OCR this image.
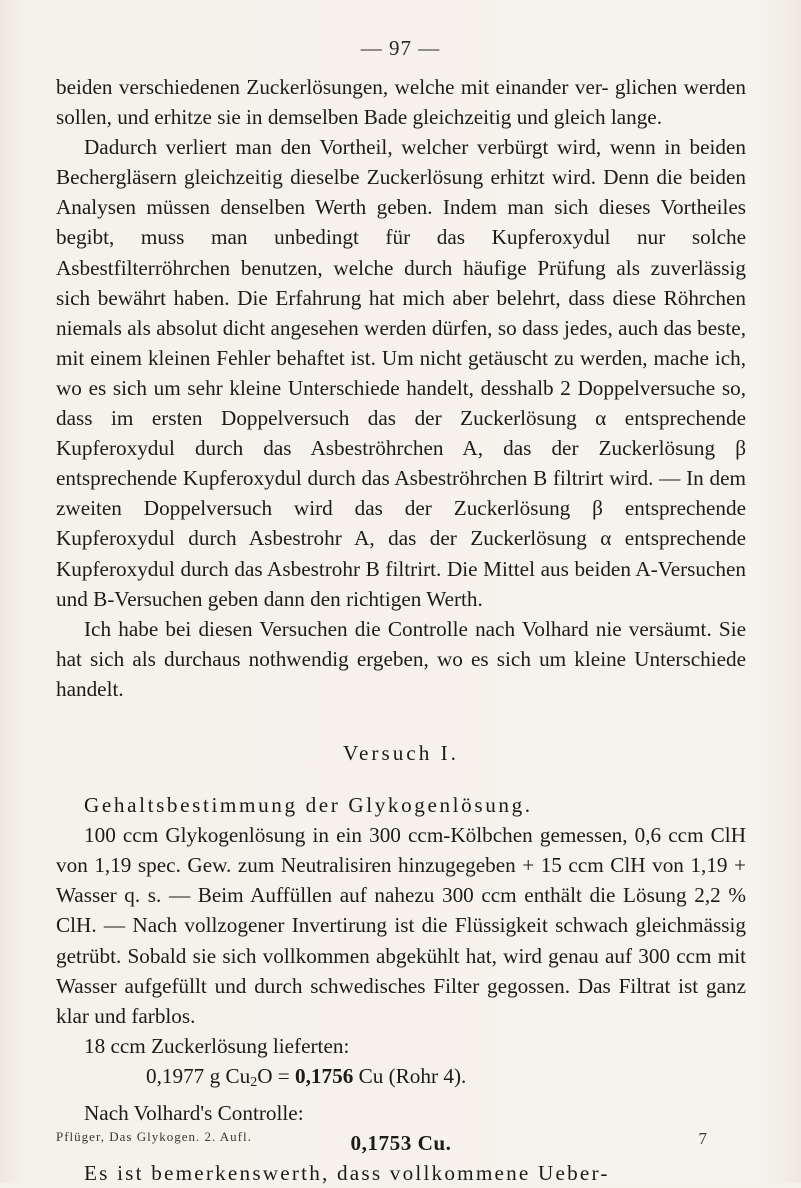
— 97 —

beiden verschiedenen Zuckerlösungen, welche mit einander ver- glichen werden sollen, und erhitze sie in demselben Bade gleichzeitig und gleich lange.

Dadurch verliert man den Vortheil, welcher verbürgt wird, wenn in beiden Bechergläsern gleichzeitig dieselbe Zuckerlösung erhitzt wird. Denn die beiden Analysen müssen denselben Werth geben. Indem man sich dieses Vortheiles begibt, muss man unbedingt für das Kupferoxydul nur solche Asbestfilterröhrchen benutzen, welche durch häufige Prüfung als zuverlässig sich bewährt haben. Die Erfahrung hat mich aber belehrt, dass diese Röhrchen niemals als absolut dicht angesehen werden dürfen, so dass jedes, auch das beste, mit einem kleinen Fehler behaftet ist. Um nicht getäuscht zu werden, mache ich, wo es sich um sehr kleine Unterschiede handelt, desshalb 2 Doppelversuche so, dass im ersten Doppelversuch das der Zuckerlösung α entsprechende Kupferoxydul durch das Asbeströhrchen A, das der Zuckerlösung β entsprechende Kupferoxydul durch das Asbeströhrchen B filtrirt wird. — In dem zweiten Doppelversuch wird das der Zuckerlösung β entsprechende Kupferoxydul durch Asbestrohr A, das der Zuckerlösung α entsprechende Kupferoxydul durch das Asbestrohr B filtrirt. Die Mittel aus beiden A-Versuchen und B-Versuchen geben dann den richtigen Werth.

Ich habe bei diesen Versuchen die Controlle nach Volhard nie versäumt. Sie hat sich als durchaus nothwendig ergeben, wo es sich um kleine Unterschiede handelt.

Versuch I.

Gehaltsbestimmung der Glykogenlösung.

100 ccm Glykogenlösung in ein 300 ccm-Kölbchen gemessen, 0,6 ccm ClH von 1,19 spec. Gew. zum Neutralisiren hinzugegeben + 15 ccm ClH von 1,19 + Wasser q. s. — Beim Auffüllen auf nahezu 300 ccm enthält die Lösung 2,2 % ClH. — Nach vollzogener Invertirung ist die Flüssigkeit schwach gleichmässig getrübt. Sobald sie sich vollkommen abgekühlt hat, wird genau auf 300 ccm mit Wasser aufgefüllt und durch schwedisches Filter gegossen. Das Filtrat ist ganz klar und farblos.

18 ccm Zuckerlösung lieferten:

0,1977 g $Cu_2O = 0,1756$ Cu (Rohr 4).

Nach Volhard's Controlle:

0,1753 Cu.

Es ist bemerkenswerth, dass vollkommene Ueber-

Pflüger, Das Glykogen. 2. Aufl.	7
